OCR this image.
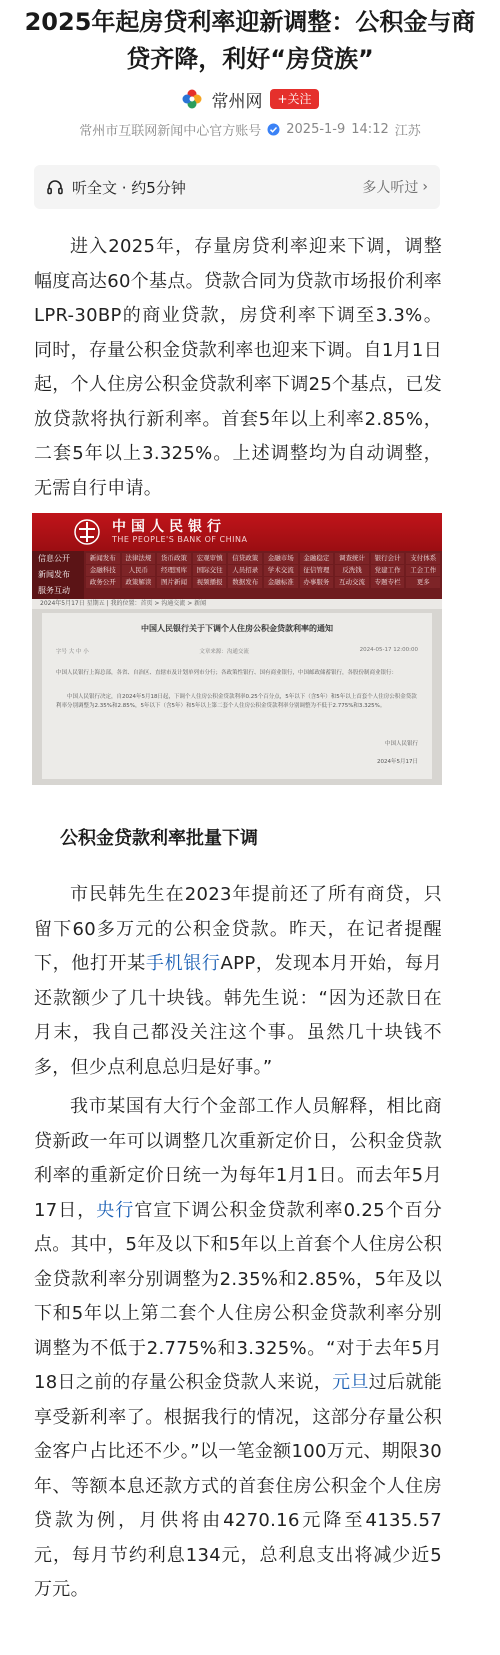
2025年起房贷利率迎新调整：公积金与商贷齐降，利好“房贷族”
常州网	+关注
常州市互联网新闻中心官方账号 2025-1-9 14:12 江苏
听全文 · 约5分钟	多人听过 ›

进入2025年，存量房贷利率迎来下调，调整幅度高达60个基点。贷款合同为贷款市场报价利率LPR-30BP的商业贷款，房贷利率下调至3.3%。同时，存量公积金贷款利率也迎来下调。自1月1日起，个人住房公积金贷款利率下调25个基点，已发放贷款将执行新利率。首套5年以上利率2.85%，二套5年以上3.325%。上述调整均为自动调整，无需自行申请。

中国人民银行
THE PEOPLE'S BANK OF CHINA
信息公开
新闻发布
服务互动
新闻发布	法律法规	货币政策	宏观审慎	信贷政策	金融市场	金融稳定	调查统计	银行会计	支付体系
金融科技	人民币	经理国库	国际交往	人员招录	学术交流	征信管理	反洗钱	党建工作	工会工作
政务公开	政策解读	图片新闻	视频播报	数据发布	金融标准	办事服务	互动交流	专题专栏	更多
2024年5月17日 星期五 | 我的位置：首页 > 沟通交流 > 新闻
中国人民银行关于下调个人住房公积金贷款利率的通知
字号 大 中 小	文章来源：沟通交流	2024-05-17 12:00:00
中国人民银行上海总部，各省、自治区、直辖市及计划单列市分行；各政策性银行、国有商业银行，中国邮政储蓄银行，各股份制商业银行：
中国人民银行决定，自2024年5月18日起，下调个人住房公积金贷款利率0.25个百分点，5年以下（含5年）和5年以上首套个人住房公积金贷款利率分别调整为2.35%和2.85%，5年以下（含5年）和5年以上第二套个人住房公积金贷款利率分别调整为不低于2.775%和3.325%。
中国人民银行
2024年5月17日
公积金贷款利率批量下调

市民韩先生在2023年提前还了所有商贷，只留下60多万元的公积金贷款。昨天，在记者提醒下，他打开某手机银行APP，发现本月开始，每月还款额少了几十块钱。韩先生说：“因为还款日在月末，我自己都没关注这个事。虽然几十块钱不多，但少点利息总归是好事。”

我市某国有大行个金部工作人员解释，相比商贷新政一年可以调整几次重新定价日，公积金贷款利率的重新定价日统一为每年1月1日。而去年5月17日，央行官宣下调公积金贷款利率0.25个百分点。其中，5年及以下和5年以上首套个人住房公积金贷款利率分别调整为2.35%和2.85%，5年及以下和5年以上第二套个人住房公积金贷款利率分别调整为不低于2.775%和3.325%。“对于去年5月18日之前的存量公积金贷款人来说，元旦过后就能享受新利率了。根据我行的情况，这部分存量公积金客户占比还不少。”以一笔金额100万元、期限30年、等额本息还款方式的首套住房公积金个人住房贷款为例，月供将由4270.16元降至4135.57元，每月节约利息134元，总利息支出将减少近5万元。
